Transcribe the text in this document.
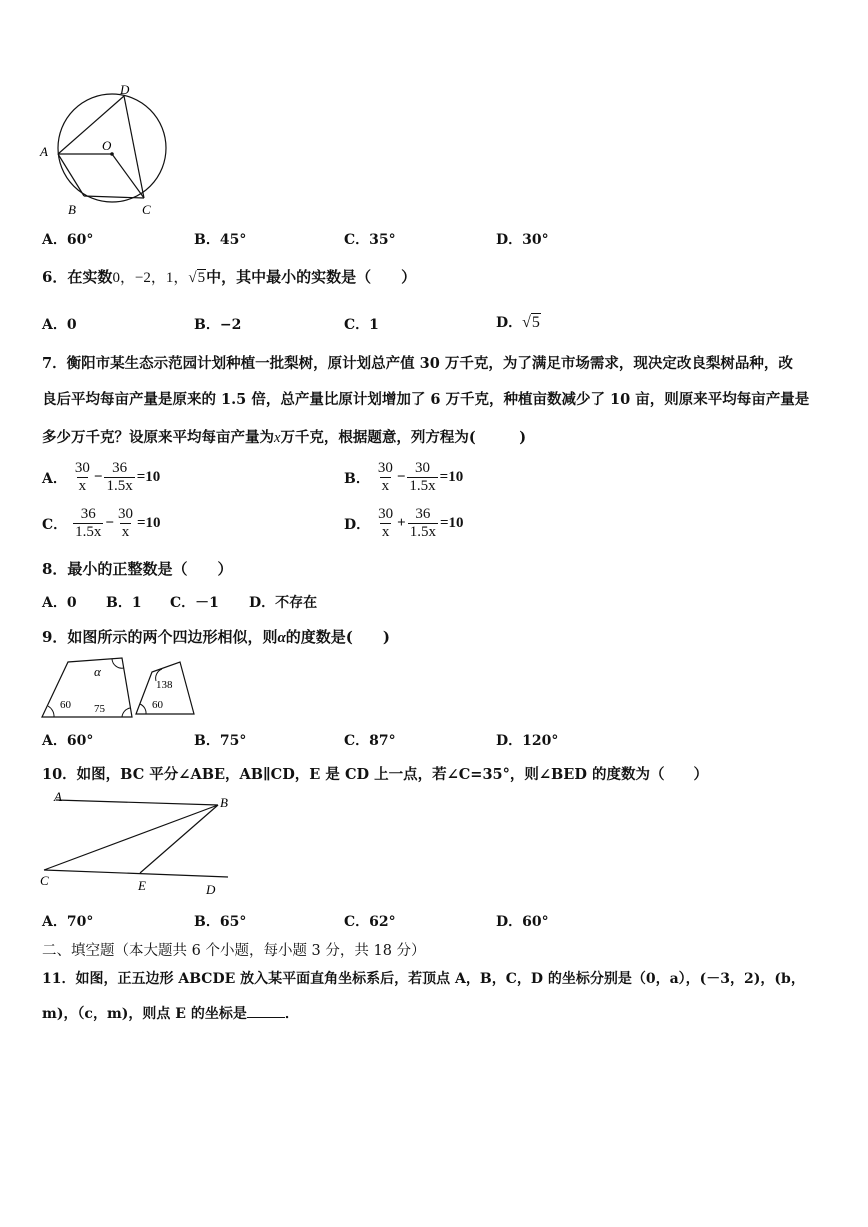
D
A	O
B	C
A．60°	B．45°	C．35°	D．30°
6．在实数0，−2，1，√5中，其中最小的实数是（　　）
A．0	B．−2	C．1	D．√5
7．衡阳市某生态示范园计划种植一批梨树，原计划总产值 30 万千克，为了满足市场需求，现决定改良梨树品种，改
良后平均每亩产量是原来的 1.5 倍，总产量比原计划增加了 6 万千克，种植亩数减少了 10 亩，则原来平均每亩产量是
多少万千克？设原来平均每亩产量为x万千克，根据题意，列方程为(　　　)
A． $\frac{30}{x} - \frac{36}{1.5x} =10$	B． $\frac{30}{x} - \frac{30}{1.5x} =10$
C． $\frac{36}{1.5x} - \frac{30}{x} =10$	D． $\frac{30}{x} + \frac{36}{1.5x} =10$
8．最小的正整数是（　　）
A．0 B．1 C．－1 D．不存在
9．如图所示的两个四边形相似，则α的度数是(　　)
α
60 75
138
60
A．60°	B．75°	C．87°	D．120°
10．如图，BC 平分∠ABE，AB∥CD，E 是 CD 上一点，若∠C=35°，则∠BED 的度数为（　　）
A	B
C	E	D
A．70°	B．65°	C．62°	D．60°
二、填空题（本大题共 6 个小题，每小题 3 分，共 18 分）
11．如图，正五边形 ABCDE 放入某平面直角坐标系后，若顶点 A，B，C，D 的坐标分别是（0，a），(－3，2)，(b，
m)，（c，m)，则点 E 的坐标是	．
